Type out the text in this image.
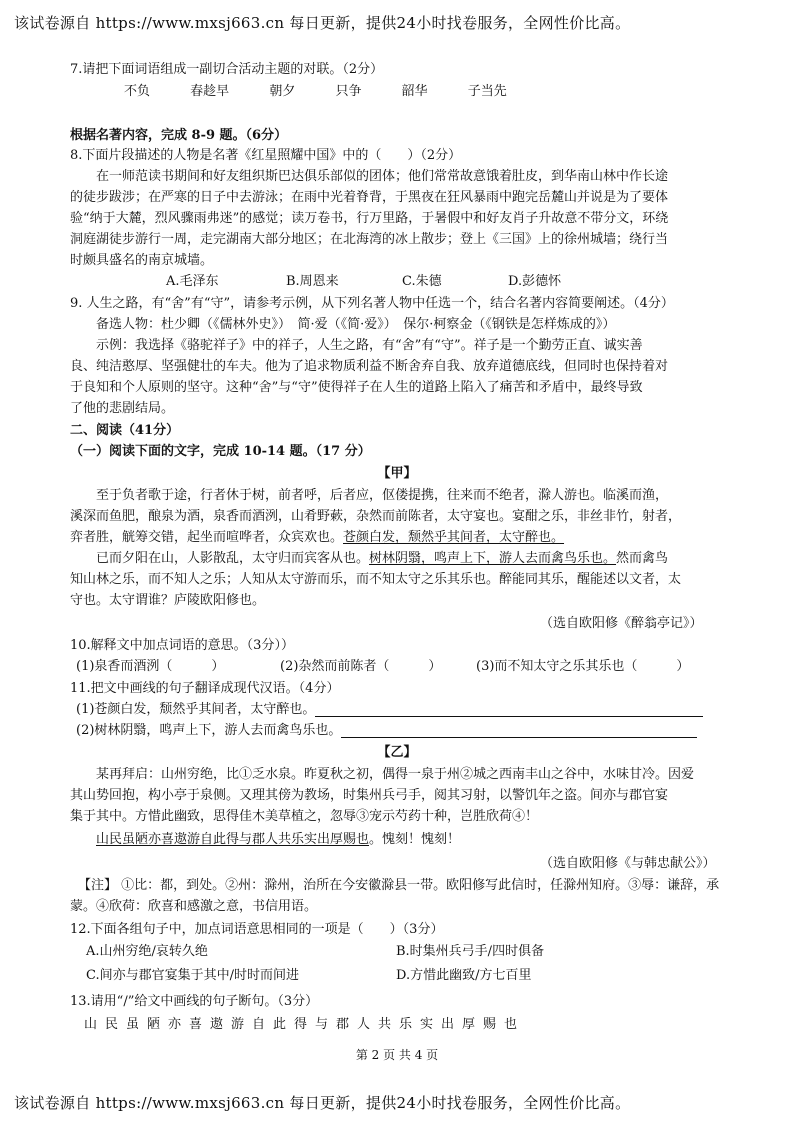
该试卷源自 https://www.mxsj663.cn 每日更新，提供24小时找卷服务，全网性价比高。
7.请把下面词语组成一副切合活动主题的对联。（2分）
不负	春趁早	朝夕	只争	韶华	子当先
根据名著内容，完成 8-9 题。（6分）
8.下面片段描述的人物是名著《红星照耀中国》中的（　　）（2分）
在一师范读书期间和好友组织斯巴达俱乐部似的团体；他们常常故意饿着肚皮，到华南山林中作长途
的徒步跋涉；在严寒的日子中去游泳；在雨中光着脊背，于黑夜在狂风暴雨中跑完岳麓山并说是为了要体
验“纳于大麓，烈风骤雨弗迷”的感觉；读万卷书，行万里路，于暑假中和好友肖子升故意不带分文，环绕
洞庭湖徒步游行一周，走完湖南大部分地区；在北海湾的冰上散步；登上《三国》上的徐州城墙；绕行当
时颇具盛名的南京城墙。
A.毛泽东	B.周恩来	C.朱德	D.彭德怀
9. 人生之路，有“舍”有“守”，请参考示例，从下列名著人物中任选一个，结合名著内容简要阐述。（4分）
备选人物：杜少卿（《儒林外史》）　简·爱（《简·爱》）　保尔·柯察金（《钢铁是怎样炼成的》）
示例：我选择《骆驼祥子》中的祥子，人生之路，有“舍”有“守”。祥子是一个勤劳正直、诚实善
良、纯洁憨厚、坚强健壮的车夫。他为了追求物质利益不断舍弃自我、放弃道德底线，但同时也保持着对
于良知和个人原则的坚守。这种“舍”与“守”使得祥子在人生的道路上陷入了痛苦和矛盾中，最终导致
了他的悲剧结局。
二、阅读（41分）
（一）阅读下面的文字，完成 10-14 题。（17 分）
【甲】
至于负者歌于途，行者休于树，前者呼，后者应，伛偻提携，往来而不绝者，滁人游也。临溪而渔，
溪深而鱼肥，酿泉为酒，泉香而酒洌，山肴野蔌，杂然而前陈者，太守宴也。宴酣之乐，非丝非竹，射者，
弈者胜，觥筹交错，起坐而喧哗者，众宾欢也。苍颜白发，颓然乎其间者，太守醉也。
已而夕阳在山，人影散乱，太守归而宾客从也。树林阴翳，鸣声上下，游人去而禽鸟乐也。然而禽鸟
知山林之乐，而不知人之乐；人知从太守游而乐，而不知太守之乐其乐也。醉能同其乐，醒能述以文者，太
守也。太守谓谁？庐陵欧阳修也。
（选自欧阳修《醉翁亭记》）
10.解释文中加点词语的意思。（3分））
(1)泉香而酒洌（　　　）	(2)杂然而前陈者（　　　）	(3)而不知太守之乐其乐也（　　　）
11.把文中画线的句子翻译成现代汉语。（4分）
(1)苍颜白发，颓然乎其间者，太守醉也。
(2)树林阴翳，鸣声上下，游人去而禽鸟乐也。
【乙】
某再拜启：山州穷绝，比①乏水泉。昨夏秋之初，偶得一泉于州②城之西南丰山之谷中，水味甘冷。因爱
其山势回抱，构小亭于泉侧。又理其傍为教场，时集州兵弓手，阅其习射，以警饥年之盗。间亦与郡官宴
集于其中。方惜此幽致，思得佳木美草植之，忽辱③宠示芍药十种，岂胜欣荷④！
山民虽陋亦喜遨游自此得与郡人共乐实出厚赐也。愧刻！愧刻！
（选自欧阳修《与韩忠献公》）
【注】 ①比：都，到处。②州：滁州，治所在今安徽滁县一带。欧阳修写此信时，任滁州知府。③辱：谦辞，承
蒙。④欣荷：欣喜和感激之意，书信用语。
12.下面各组句子中，加点词语意思相同的一项是（　　）（3分）
A.山州穷绝/哀转久绝	B.时集州兵弓手/四时俱备
C.间亦与郡官宴集于其中/时时而间进	D.方惜此幽致/方七百里
13.请用“/”给文中画线的句子断句。（3分）
山 民 虽 陋 亦 喜 遨 游 自 此 得 与 郡 人 共 乐 实 出 厚 赐 也
第 2 页 共 4 页
该试卷源自 https://www.mxsj663.cn 每日更新，提供24小时找卷服务，全网性价比高。
